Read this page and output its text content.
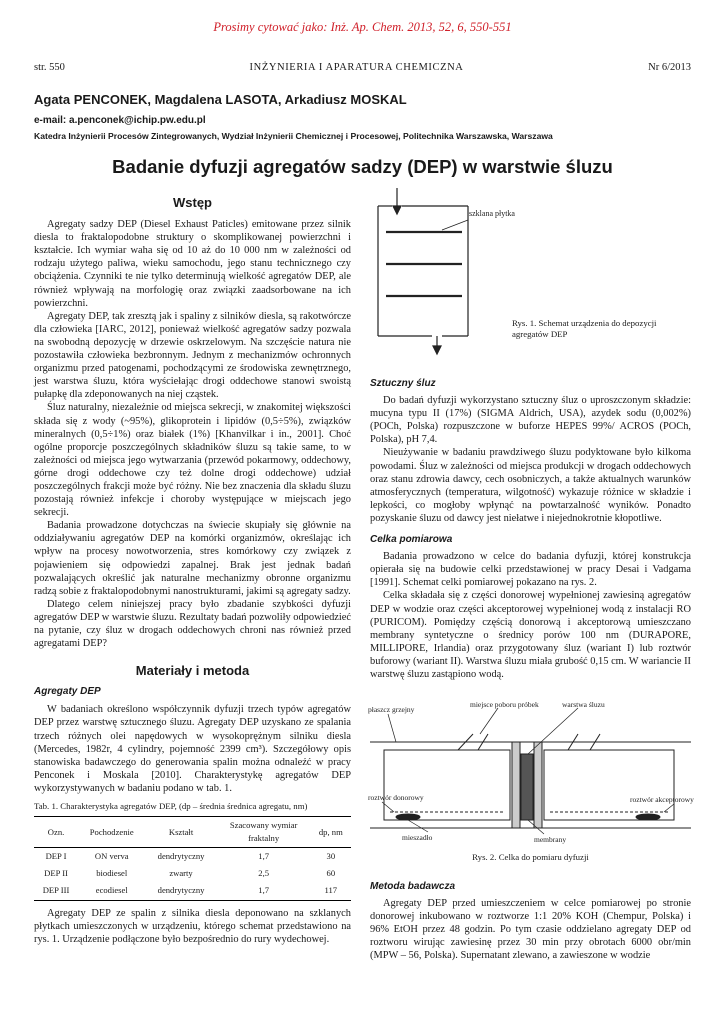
Prosimy cytować jako: Inż. Ap. Chem. 2013, 52, 6, 550-551
str. 550	INŻYNIERIA I APARATURA CHEMICZNA	Nr 6/2013
Agata PENCONEK, Magdalena LASOTA, Arkadiusz MOSKAL
e-mail: a.penconek@ichip.pw.edu.pl
Katedra Inżynierii Procesów Zintegrowanych, Wydział Inżynierii Chemicznej i Procesowej, Politechnika Warszawska, Warszawa
Badanie dyfuzji agregatów sadzy (DEP) w warstwie śluzu

Wstęp

Agregaty sadzy DEP (Diesel Exhaust Paticles) emitowane przez silnik diesla to fraktalopodobne struktury o skomplikowanej powierzchni i kształcie. Ich wymiar waha się od 10 aż do 10 000 nm w zależności od rodzaju użytego paliwa, wieku samochodu, jego stanu technicznego czy obciążenia. Czynniki te nie tylko determinują wielkość agregatów DEP, ale również wpływają na morfologię oraz związki zaadsorbowane na ich powierzchni.

Agregaty DEP, tak zresztą jak i spaliny z silników diesla, są rakotwórcze dla człowieka [IARC, 2012], ponieważ wielkość agregatów sadzy pozwala na swobodną depozycję w drzewie oskrzelowym. Na szczęście natura nie pozostawiła człowieka bezbronnym. Jednym z mechanizmów ochronnych organizmu przed patogenami, pochodzącymi ze środowiska zewnętrznego, jest warstwa śluzu, która wyściełając drogi oddechowe stanowi swoistą pułapkę dla zdeponowanych na niej cząstek.

Śluz naturalny, niezależnie od miejsca sekrecji, w znakomitej większości składa się z wody (~95%), glikoprotein i lipidów (0,5÷5%), związków mineralnych (0,5÷1%) oraz białek (1%) [Khanvilkar i in., 2001]. Choć ogólne proporcje poszczególnych składników śluzu są takie same, to w zależności od miejsca jego wytwarzania (przewód pokarmowy, oddechowy, górne drogi oddechowe czy też dolne drogi oddechowe) udział poszczególnych frakcji może być różny. Nie bez znaczenia dla składu śluzu pozostają również infekcje i choroby występujące w miejscach jego sekrecji.

Badania prowadzone dotychczas na świecie skupiały się głównie na oddziaływaniu agregatów DEP na komórki organizmów, określając ich wpływ na procesy nowotworzenia, stres komórkowy czy związek z pojawieniem się odpowiedzi zapalnej. Brak jest jednak badań pozwalających określić jak naturalne mechanizmy obronne organizmu radzą sobie z fraktalopodobnymi nanostrukturami, jakimi są agregaty sadzy.

Dlatego celem niniejszej pracy było zbadanie szybkości dyfuzji agregatów DEP w warstwie śluzu. Rezultaty badań pozwoliły odpowiedzieć na pytanie, czy śluz w drogach oddechowych chroni nas również przed agregatami DEP?

Materiały i metoda

Agregaty DEP

W badaniach określono współczynnik dyfuzji trzech typów agregatów DEP przez warstwę sztucznego śluzu. Agregaty DEP uzyskano ze spalania trzech różnych olei napędowych w wysokoprężnym silniku diesla (Mercedes, 1982r, 4 cylindry, pojemność 2399 cm³). Szczegółowy opis stanowiska badawczego do generowania spalin można odnaleźć w pracy Penconek i Moskala [2010]. Charakterystykę agregatów DEP wykorzystywanych w badaniu podano w tab. 1.

Tab. 1. Charakterystyka agregatów DEP, (dp – średnia średnica agregatu, nm)

Ozn.	Pochodzenie	Kształt	Szacowany wymiar fraktalny	dp, nm
DEP I	ON verva	dendrytyczny	1,7	30
DEP II	biodiesel	zwarty	2,5	60
DEP III	ecodiesel	dendrytyczny	1,7	117

Agregaty DEP ze spalin z silnika diesla deponowano na szklanych płytkach umieszczonych w urządzeniu, którego schemat przedstawiono na rys. 1. Urządzenie podłączone było bezpośrednio do rury wydechowej.

szklana płytka
Rys. 1. Schemat urządzenia do depozycji agregatów DEP

Sztuczny śluz

Do badań dyfuzji wykorzystano sztuczny śluz o uproszczonym składzie: mucyna typu II (17%) (SIGMA Aldrich, USA), azydek sodu (0,002%) (POCh, Polska) rozpuszczone w buforze HEPES 99%/ ACROS (POCh, Polska), pH 7,4.

Nieużywanie w badaniu prawdziwego śluzu podyktowane było kilkoma powodami. Śluz w zależności od miejsca produkcji w drogach oddechowych oraz stanu zdrowia dawcy, cech osobniczych, a także aktualnych warunków atmosferycznych (temperatura, wilgotność) wykazuje różnice w składzie i lepkości, co mogłoby wpłynąć na powtarzalność wyników. Ponadto pozyskanie śluzu od dawcy jest niełatwe i niejednokrotnie kłopotliwe.

Celka pomiarowa

Badania prowadzono w celce do badania dyfuzji, której konstrukcja opierała się na budowie celki przedstawionej w pracy Desai i Vadgama [1991]. Schemat celki pomiarowej pokazano na rys. 2.

Celka składała się z części donorowej wypełnionej zawiesiną agregatów DEP w wodzie oraz części akceptorowej wypełnionej wodą z instalacji RO (PURICOM). Pomiędzy częścią donorową i akceptorową umieszczano membrany syntetyczne o średnicy porów 100 nm (DURAPORE, MILLIPORE, Irlandia) oraz przygotowany śluz (wariant I) lub roztwór buforowy (wariant II). Warstwa śluzu miała grubość 0,15 cm. W wariancie II warstwę śluzu zastąpiono wodą.

płaszcz grzejny
miejsce poboru próbek	warstwa śluzu
roztwór donorowy	roztwór akceptorowy
mieszadło	membrany
Rys. 2. Celka do pomiaru dyfuzji

Metoda badawcza

Agregaty DEP przed umieszczeniem w celce pomiarowej po stronie donorowej inkubowano w roztworze 1:1 20% KOH (Chempur, Polska) i 96% EtOH przez 48 godzin. Po tym czasie oddzielano agregaty DEP od roztworu wirując zawiesinę przez 30 min przy obrotach 6000 obr/min (MPW – 56, Polska). Supernatant zlewano, a zawieszone w wodzie
